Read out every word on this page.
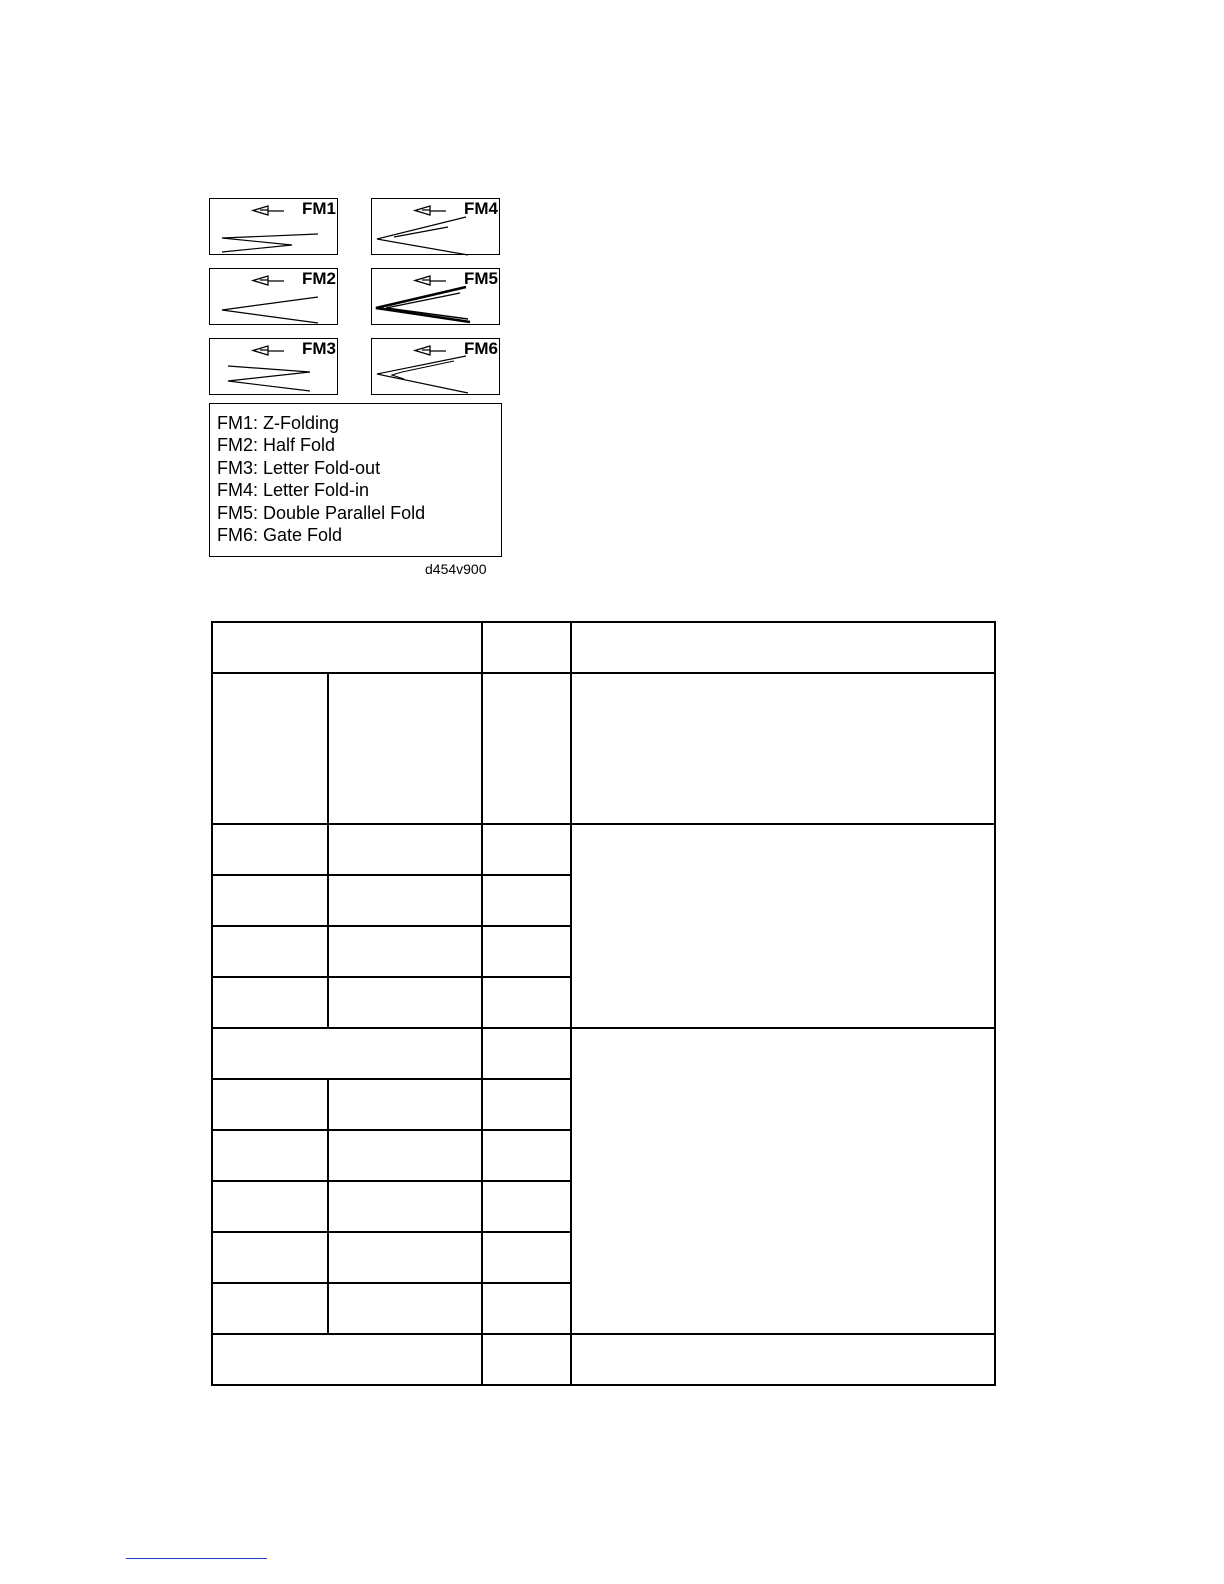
FM1
FM2
FM3
FM4
FM5
FM6
FM1: Z-Folding
FM2: Half Fold
FM3: Letter Fold-out
FM4: Letter Fold-in
FM5: Double Parallel Fold
FM6: Gate Fold
d454v900
